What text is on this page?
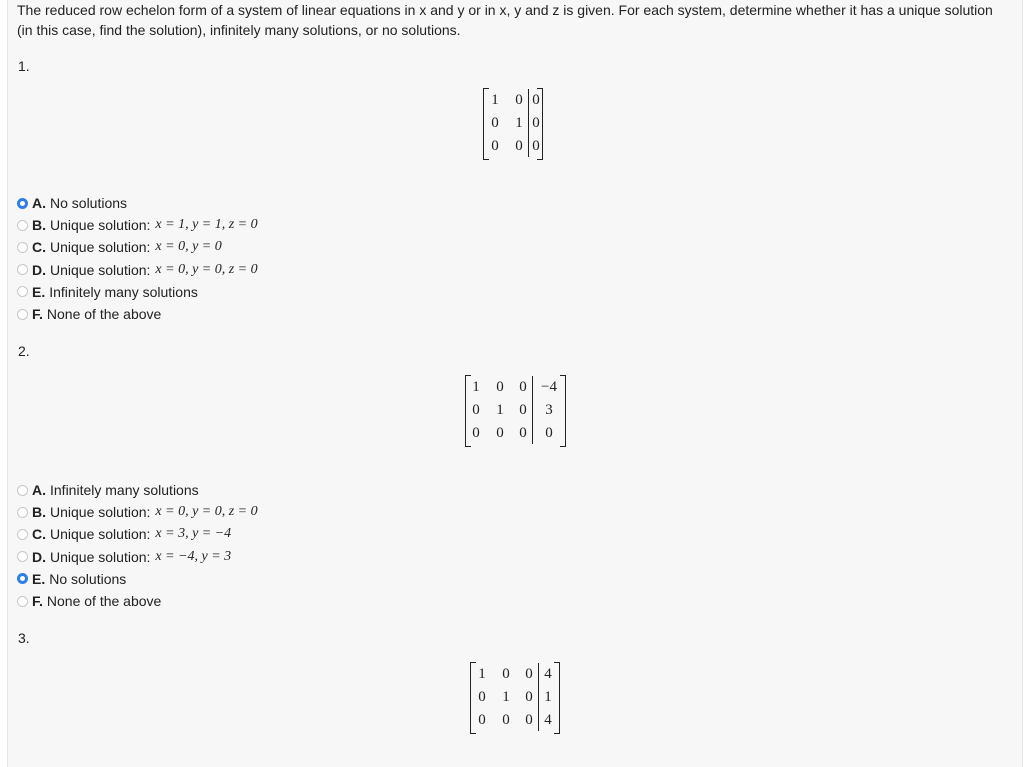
The reduced row echelon form of a system of linear equations in x and y or in x, y and z is given. For each system, determine whether it has a unique solution (in this case, find the solution), infinitely many solutions, or no solutions.
1.
1 0 0
0 1 0
0 0 0
A. No solutions
B. Unique solution: x = 1, y = 1, z = 0
C. Unique solution: x = 0, y = 0
D. Unique solution: x = 0, y = 0, z = 0
E. Infinitely many solutions
F. None of the above
2.
1 0 0 −4
0 1 0	3
0 0 0	0
A. Infinitely many solutions
B. Unique solution: x = 0, y = 0, z = 0
C. Unique solution: x = 3, y = −4
D. Unique solution: x = −4, y = 3
E. No solutions
F. None of the above
3.
1 0 0 4
0 1 0 1
0 0 0 4
